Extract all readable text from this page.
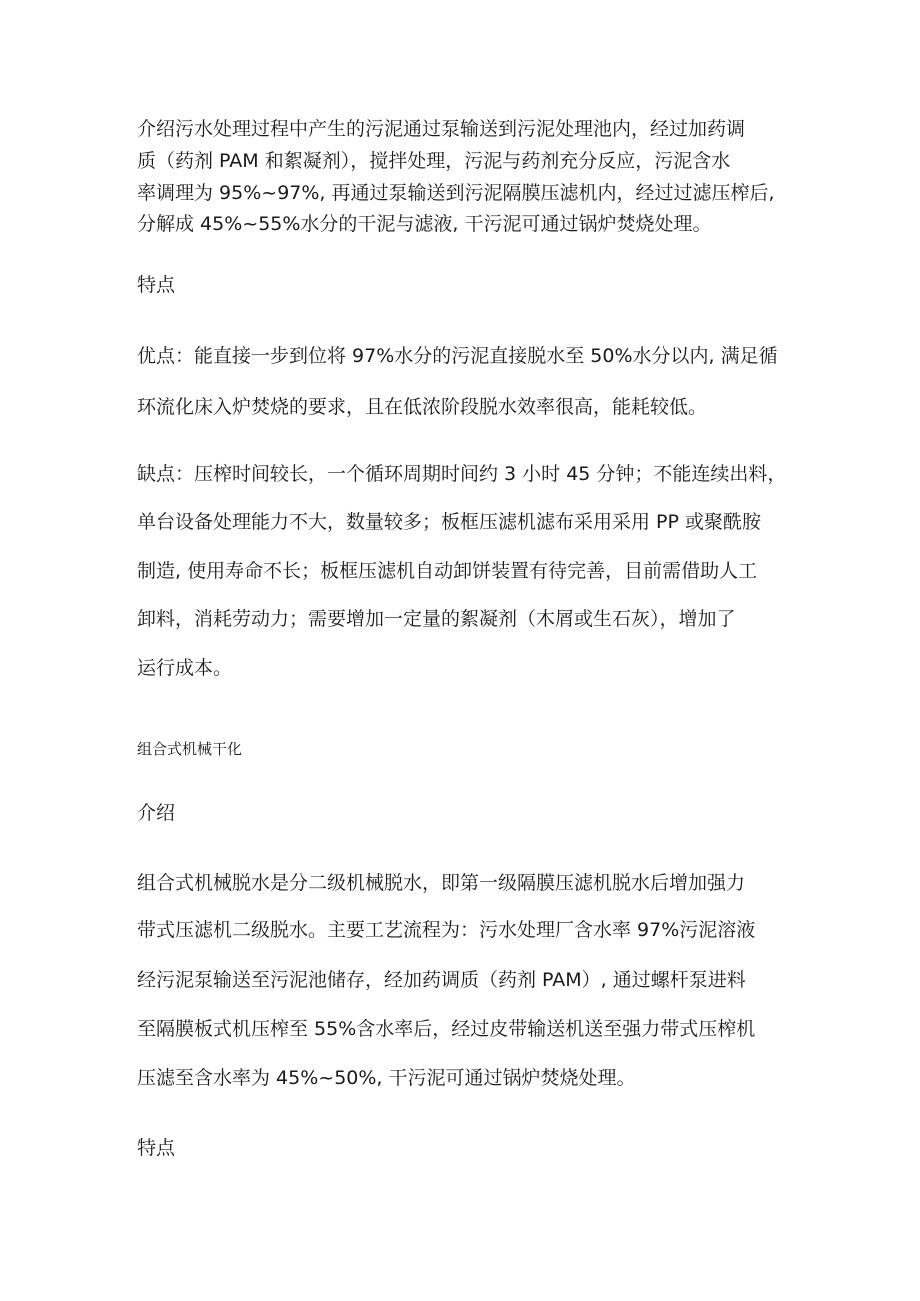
介绍污水处理过程中产生的污泥通过泵输送到污泥处理池内，经过加药调
质（药剂 PAM 和絮凝剂），搅拌处理，污泥与药剂充分反应，污泥含水
率调理为 95%~97%, 再通过泵输送到污泥隔膜压滤机内，经过过滤压榨后,
分解成 45%~55%水分的干泥与滤液, 干污泥可通过锅炉焚烧处理。
特点
优点：能直接一步到位将 97%水分的污泥直接脱水至 50%水分以内, 满足循
环流化床入炉焚烧的要求，且在低浓阶段脱水效率很高，能耗较低。
缺点：压榨时间较长，一个循环周期时间约 3 小时 45 分钟；不能连续出料，
单台设备处理能力不大，数量较多；板框压滤机滤布采用采用 PP 或聚酰胺
制造, 使用寿命不长；板框压滤机自动卸饼装置有待完善，目前需借助人工
卸料，消耗劳动力；需要增加一定量的絮凝剂（木屑或生石灰），增加了
运行成本。
组合式机械干化
介绍
组合式机械脱水是分二级机械脱水，即第一级隔膜压滤机脱水后增加强力
带式压滤机二级脱水。主要工艺流程为：污水处理厂含水率 97%污泥溶液
经污泥泵输送至污泥池储存，经加药调质（药剂 PAM）, 通过螺杆泵进料
至隔膜板式机压榨至 55%含水率后，经过皮带输送机送至强力带式压榨机
压滤至含水率为 45%~50%, 干污泥可通过锅炉焚烧处理。
特点
